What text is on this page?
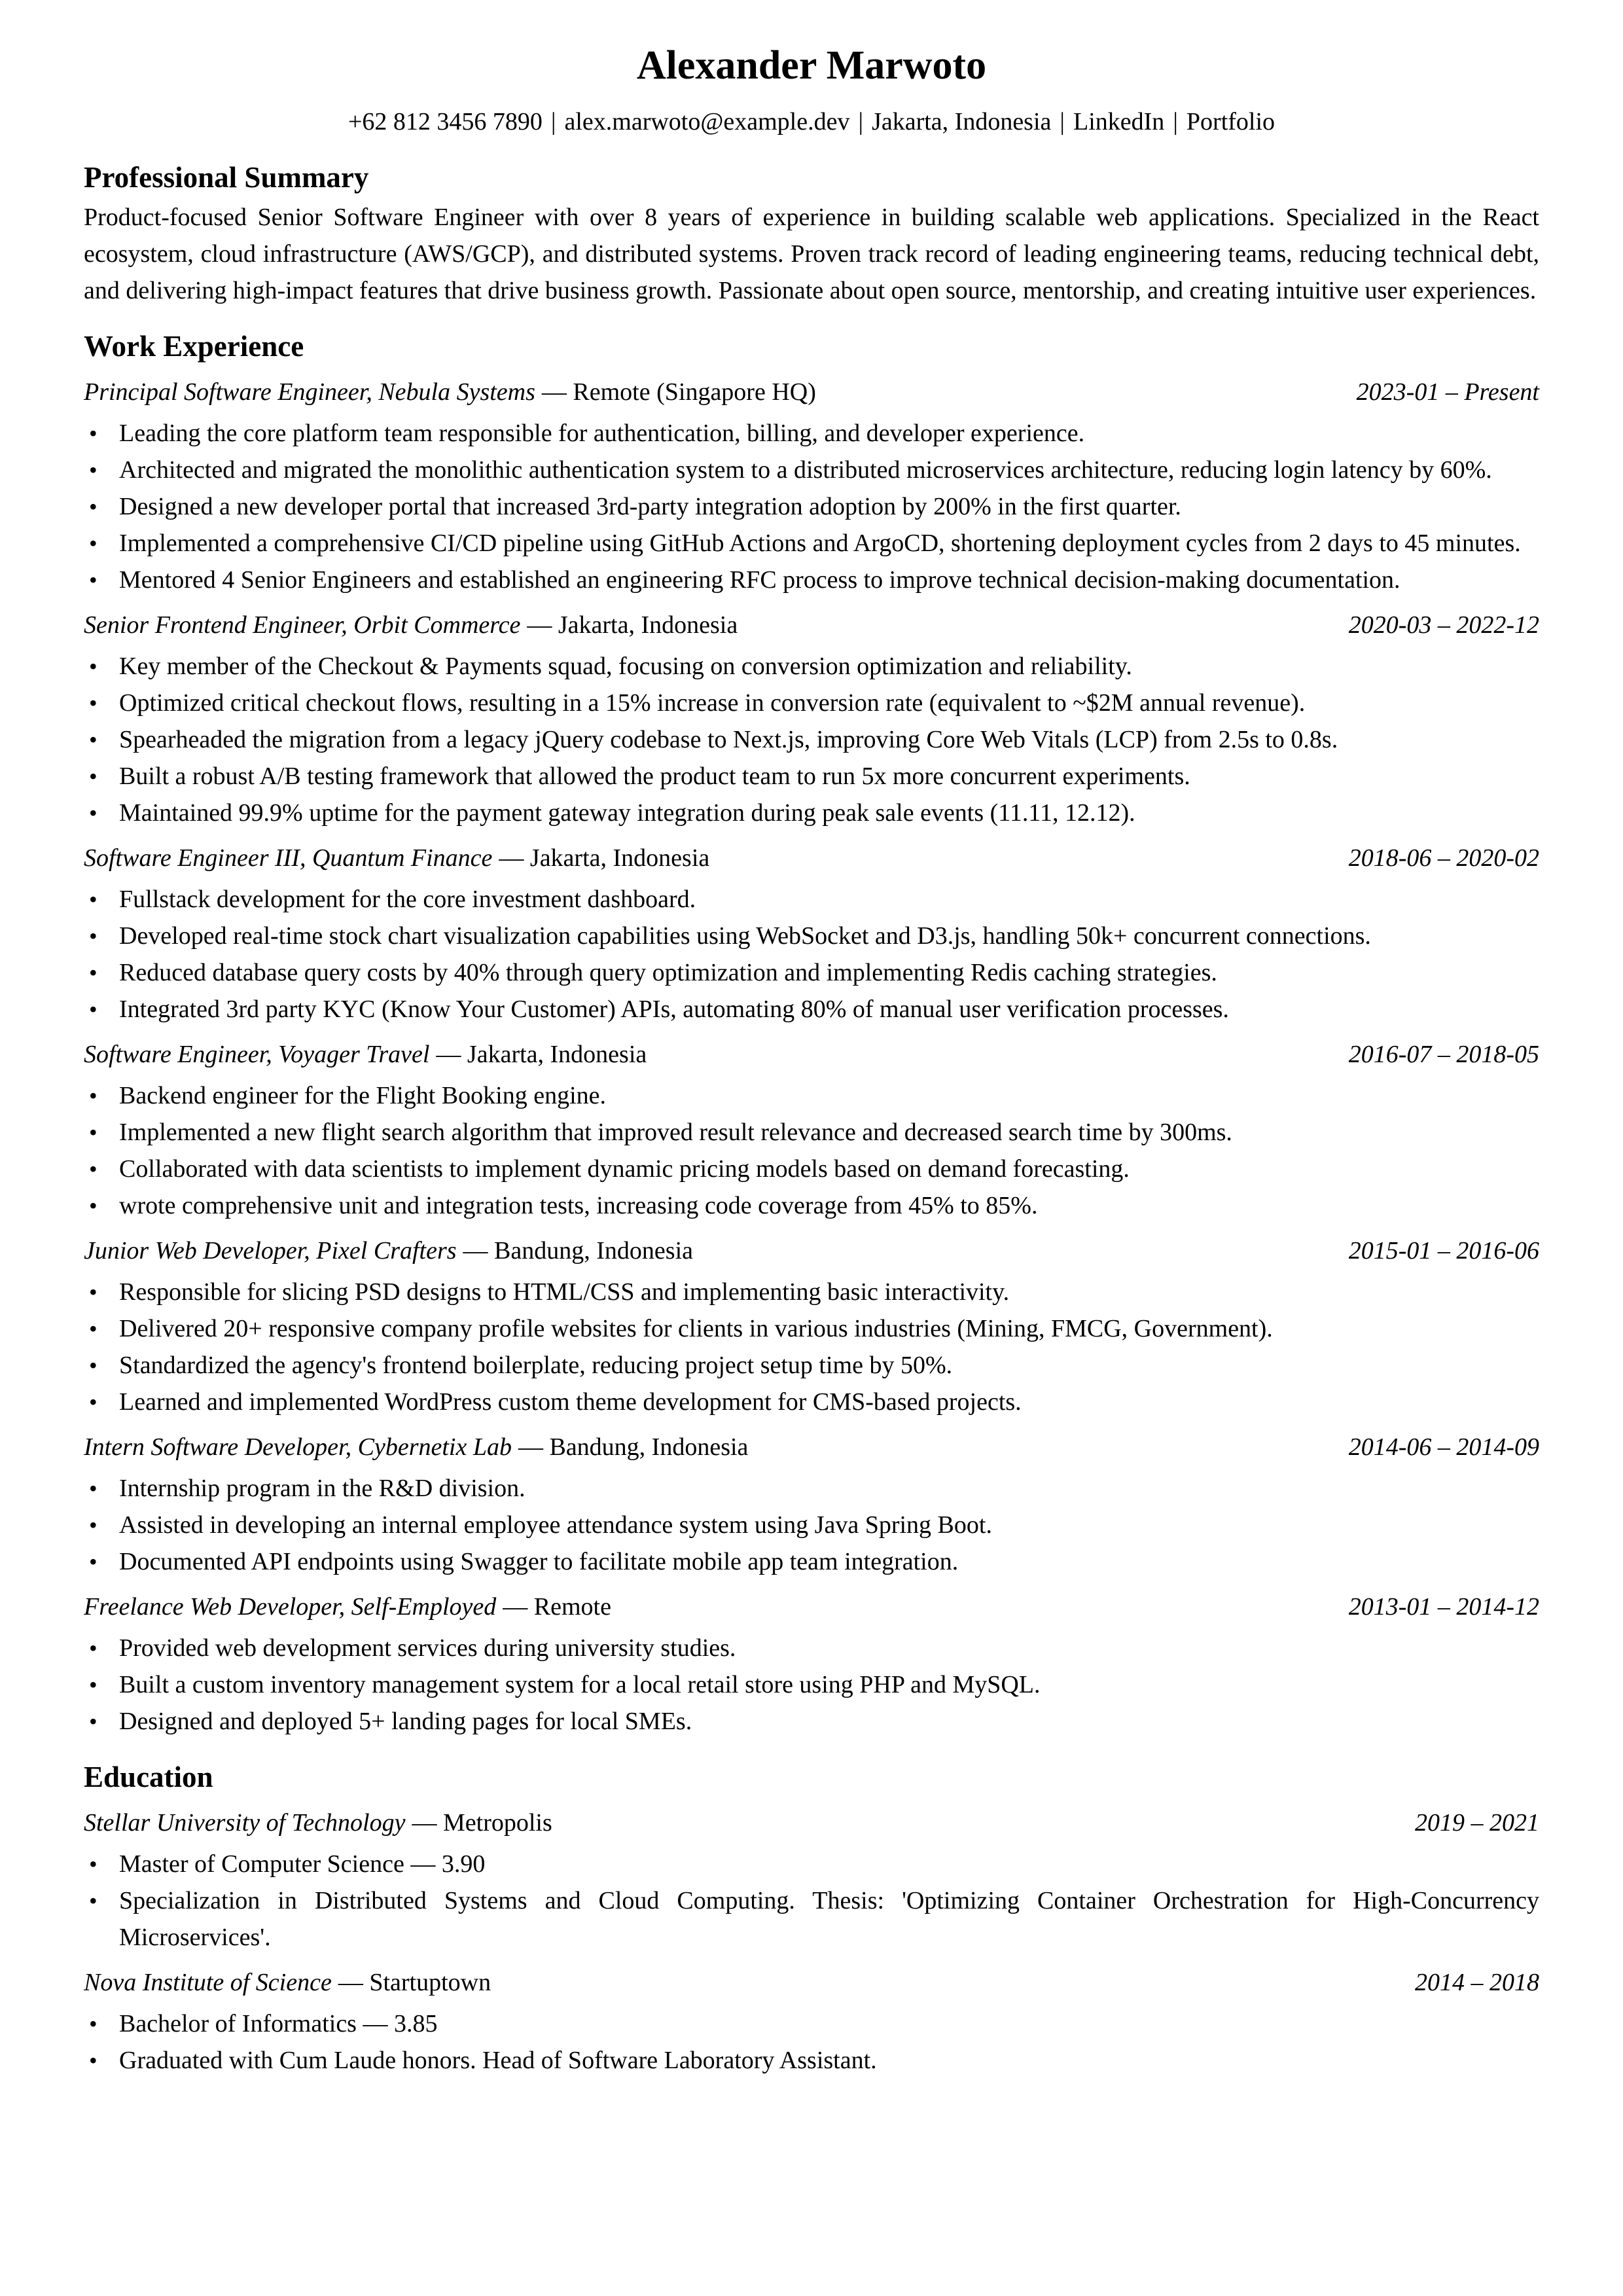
Alexander Marwoto
+62 812 3456 7890 | alex.marwoto@example.dev | Jakarta, Indonesia | LinkedIn | Portfolio
Professional Summary

Product-focused Senior Software Engineer with over 8 years of experience in building scalable web applications. Specialized in the React ecosystem, cloud infrastructure (AWS/GCP), and distributed systems. Proven track record of leading engineering teams, reducing technical debt, and delivering high-impact features that drive business growth. Passionate about open source, mentorship, and creating intuitive user experiences.

Work Experience
Principal Software Engineer, Nebula Systems — Remote (Singapore HQ)	2023-01 – Present
• Leading the core platform team responsible for authentication, billing, and developer experience.
• Architected and migrated the monolithic authentication system to a distributed microservices architecture, reducing login latency by 60%.
• Designed a new developer portal that increased 3rd-party integration adoption by 200% in the first quarter.
• Implemented a comprehensive CI/CD pipeline using GitHub Actions and ArgoCD, shortening deployment cycles from 2 days to 45 minutes.
• Mentored 4 Senior Engineers and established an engineering RFC process to improve technical decision-making documentation.
Senior Frontend Engineer, Orbit Commerce — Jakarta, Indonesia	2020-03 – 2022-12
• Key member of the Checkout & Payments squad, focusing on conversion optimization and reliability.
• Optimized critical checkout flows, resulting in a 15% increase in conversion rate (equivalent to ~$2M annual revenue).
• Spearheaded the migration from a legacy jQuery codebase to Next.js, improving Core Web Vitals (LCP) from 2.5s to 0.8s.
• Built a robust A/B testing framework that allowed the product team to run 5x more concurrent experiments.
• Maintained 99.9% uptime for the payment gateway integration during peak sale events (11.11, 12.12).
Software Engineer III, Quantum Finance — Jakarta, Indonesia	2018-06 – 2020-02
• Fullstack development for the core investment dashboard.
• Developed real-time stock chart visualization capabilities using WebSocket and D3.js, handling 50k+ concurrent connections.
• Reduced database query costs by 40% through query optimization and implementing Redis caching strategies.
• Integrated 3rd party KYC (Know Your Customer) APIs, automating 80% of manual user verification processes.
Software Engineer, Voyager Travel — Jakarta, Indonesia	2016-07 – 2018-05
• Backend engineer for the Flight Booking engine.
• Implemented a new flight search algorithm that improved result relevance and decreased search time by 300ms.
• Collaborated with data scientists to implement dynamic pricing models based on demand forecasting.
• wrote comprehensive unit and integration tests, increasing code coverage from 45% to 85%.
Junior Web Developer, Pixel Crafters — Bandung, Indonesia	2015-01 – 2016-06
• Responsible for slicing PSD designs to HTML/CSS and implementing basic interactivity.
• Delivered 20+ responsive company profile websites for clients in various industries (Mining, FMCG, Government).
• Standardized the agency's frontend boilerplate, reducing project setup time by 50%.
• Learned and implemented WordPress custom theme development for CMS-based projects.
Intern Software Developer, Cybernetix Lab — Bandung, Indonesia	2014-06 – 2014-09
• Internship program in the R&D division.
• Assisted in developing an internal employee attendance system using Java Spring Boot.
• Documented API endpoints using Swagger to facilitate mobile app team integration.
Freelance Web Developer, Self-Employed — Remote	2013-01 – 2014-12
• Provided web development services during university studies.
• Built a custom inventory management system for a local retail store using PHP and MySQL.
• Designed and deployed 5+ landing pages for local SMEs.
Education
Stellar University of Technology — Metropolis	2019 – 2021
• Master of Computer Science — 3.90
• Specialization in Distributed Systems and Cloud Computing. Thesis: 'Optimizing Container Orchestration for High-Concurrency Microservices'.
Nova Institute of Science — Startuptown	2014 – 2018
• Bachelor of Informatics — 3.85
• Graduated with Cum Laude honors. Head of Software Laboratory Assistant.
